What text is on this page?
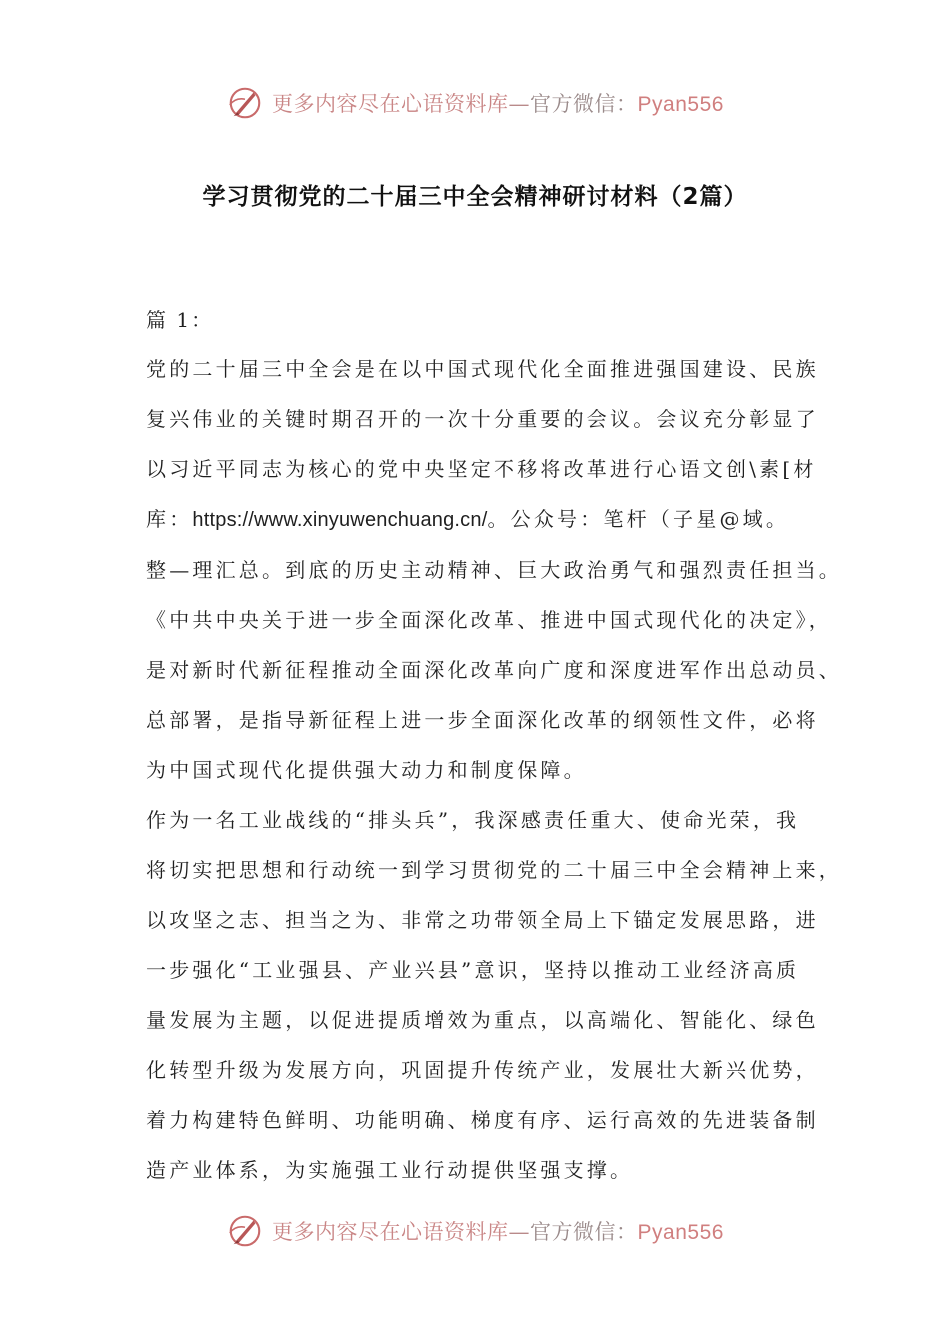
更多内容尽在心语资料库—官方微信：Pyan556
学习贯彻党的二十届三中全会精神研讨材料（2篇）

篇 1：

党的二十届三中全会是在以中国式现代化全面推进强国建设、民族
复兴伟业的关键时期召开的一次十分重要的会议。会议充分彰显了
以习近平同志为核心的党中央坚定不移将改革进行心语文创\素[材
库：https://www.xinyuwenchuang.cn/。公众号：笔杆（子星@域。
整—理汇总。到底的历史主动精神、巨大政治勇气和强烈责任担当。
《中共中央关于进一步全面深化改革、推进中国式现代化的决定》，
是对新时代新征程推动全面深化改革向广度和深度进军作出总动员、
总部署，是指导新征程上进一步全面深化改革的纲领性文件，必将
为中国式现代化提供强大动力和制度保障。

作为一名工业战线的“排头兵”，我深感责任重大、使命光荣，我
将切实把思想和行动统一到学习贯彻党的二十届三中全会精神上来，
以攻坚之志、担当之为、非常之功带领全局上下锚定发展思路，进
一步强化“工业强县、产业兴县”意识，坚持以推动工业经济高质
量发展为主题，以促进提质增效为重点，以高端化、智能化、绿色
化转型升级为发展方向，巩固提升传统产业，发展壮大新兴优势，
着力构建特色鲜明、功能明确、梯度有序、运行高效的先进装备制
造产业体系，为实施强工业行动提供坚强支撑。

更多内容尽在心语资料库—官方微信：Pyan556
